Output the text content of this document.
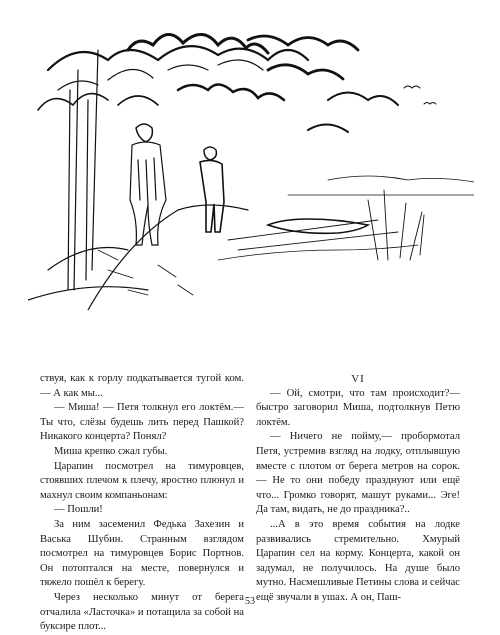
ствуя, как к горлу подкатывается тугой ком.— А как мы...

— Миша! — Петя толкнул его локтём.— Ты что, слёзы будешь лить перед Пашкой? Никакого концерта? Понял?

Миша крепко сжал губы.

Царапин посмотрел на тимуровцев, стоявших плечом к плечу, яростно плюнул и махнул своим компаньонам:

— Пошли!

За ним засеменил Федька Захезин и Васька Шубин. Странным взглядом посмотрел на тимуровцев Борис Портнов. Он потоптался на месте, повернулся и тяжело пошёл к берегу.

Через несколько минут от берега отчалила «Ласточка» и потащила за собой на буксире плот...

VI

— Ой, смотри, что там происходит?—быстро заговорил Миша, подтолкнув Петю локтём.

— Ничего не пойму,— пробормотал Петя, устремив взгляд на лодку, отплывшую вместе с плотом от берега метров на сорок.— Не то они победу празднуют или ещё что... Громко говорят, машут руками... Эге! Да там, видать, не до праздника?..

...А в это время события на лодке развивались стремительно. Хмурый Царапин сел на корму. Концерта, какой он задумал, не получилось. На душе было мутно. Насмешливые Петины слова и сейчас ещё звучали в ушах. А он, Паш-

53
